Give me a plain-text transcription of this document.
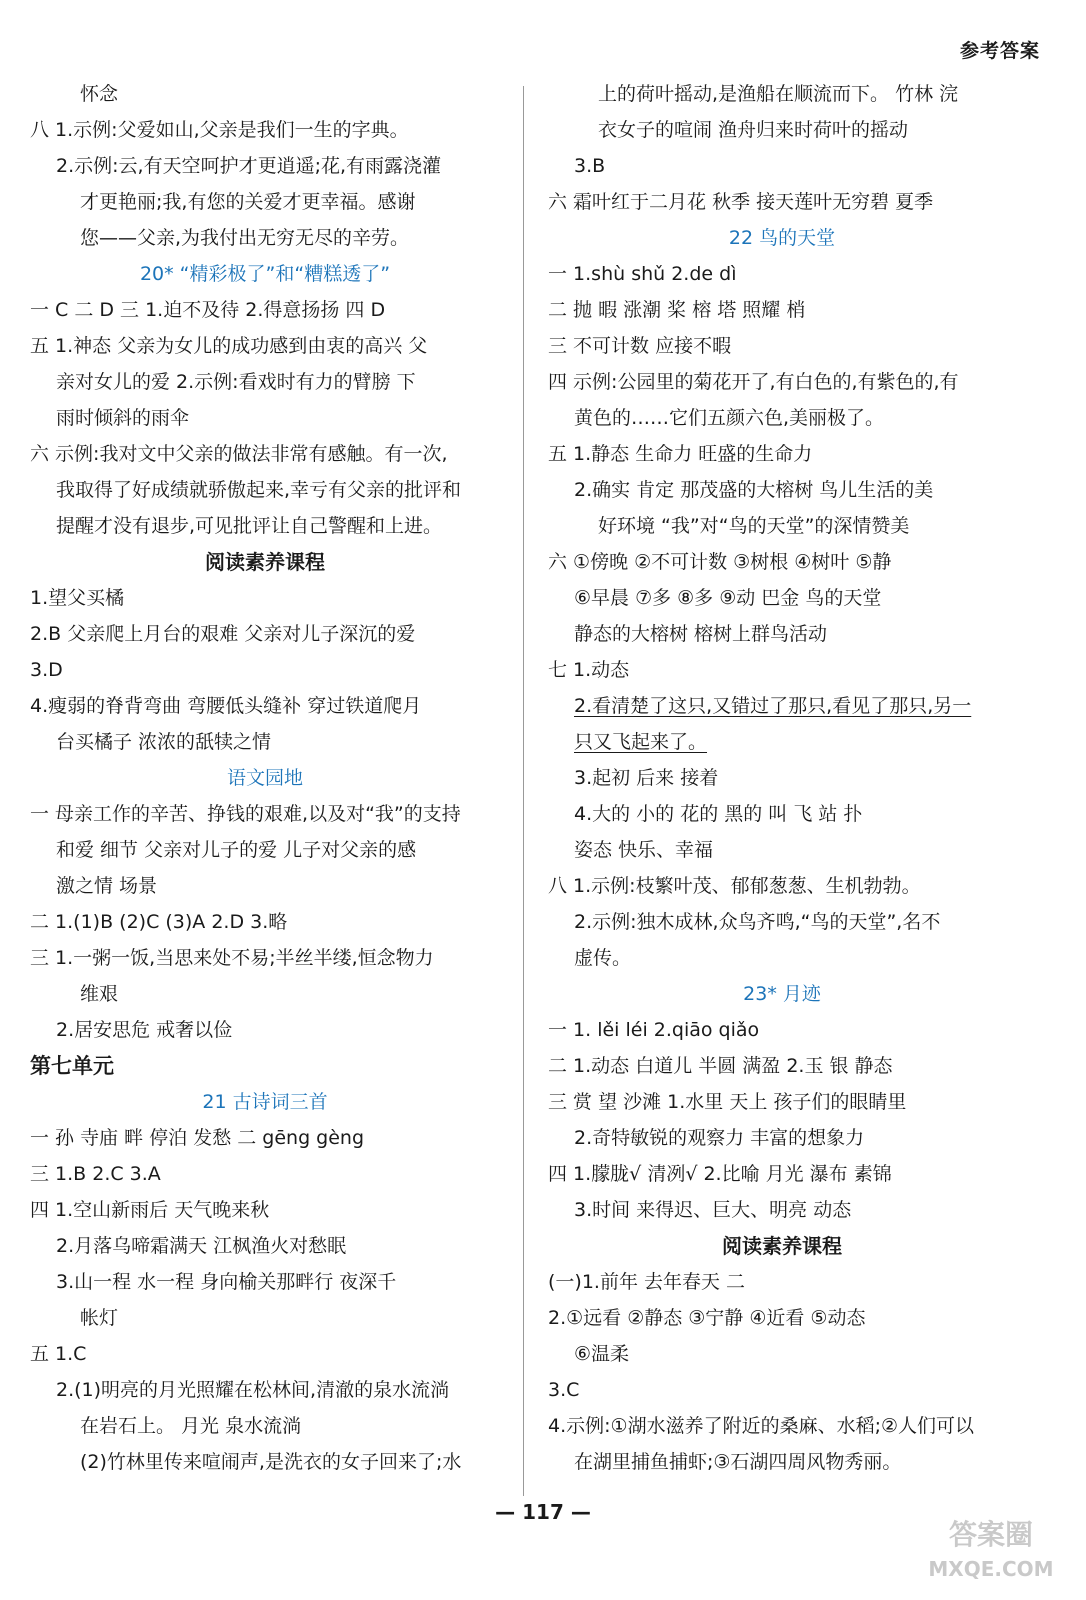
参考答案
怀念
八 1.示例:父爱如山,父亲是我们一生的字典。
2.示例:云,有天空呵护才更逍遥;花,有雨露浇灌
才更艳丽;我,有您的关爱才更幸福。感谢
您——父亲,为我付出无穷无尽的辛劳。
20* “精彩极了”和“糟糕透了”
一 C 二 D 三 1.迫不及待 2.得意扬扬 四 D
五 1.神态 父亲为女儿的成功感到由衷的高兴 父
亲对女儿的爱 2.示例:看戏时有力的臂膀 下
雨时倾斜的雨伞
六 示例:我对文中父亲的做法非常有感触。有一次,
我取得了好成绩就骄傲起来,幸亏有父亲的批评和
提醒才没有退步,可见批评让自己警醒和上进。
阅读素养课程
1.望父买橘
2.B 父亲爬上月台的艰难 父亲对儿子深沉的爱
3.D
4.瘦弱的脊背弯曲 弯腰低头缝补 穿过铁道爬月
台买橘子 浓浓的舐犊之情
语文园地
一 母亲工作的辛苦、挣钱的艰难,以及对“我”的支持
和爱 细节 父亲对儿子的爱 儿子对父亲的感
激之情 场景
二 1.(1)B (2)C (3)A 2.D 3.略
三 1.一粥一饭,当思来处不易;半丝半缕,恒念物力
维艰
2.居安思危 戒奢以俭
第七单元
21 古诗词三首
一 孙 寺庙 畔 停泊 发愁 二 gēng gèng
三 1.B 2.C 3.A
四 1.空山新雨后 天气晚来秋
2.月落乌啼霜满天 江枫渔火对愁眠
3.山一程 水一程 身向榆关那畔行 夜深千
帐灯
五 1.C
2.(1)明亮的月光照耀在松林间,清澈的泉水流淌
在岩石上。 月光 泉水流淌
(2)竹林里传来喧闹声,是洗衣的女子回来了;水
上的荷叶摇动,是渔船在顺流而下。 竹林 浣
衣女子的喧闹 渔舟归来时荷叶的摇动
3.B
六 霜叶红于二月花 秋季 接天莲叶无穷碧 夏季
22 鸟的天堂
一 1.shù shǔ 2.de dì
二 抛 暇 涨潮 桨 榕 塔 照耀 梢
三 不可计数 应接不暇
四 示例:公园里的菊花开了,有白色的,有紫色的,有
黄色的……它们五颜六色,美丽极了。
五 1.静态 生命力 旺盛的生命力
2.确实 肯定 那茂盛的大榕树 鸟儿生活的美
好环境 “我”对“鸟的天堂”的深情赞美
六 ①傍晚 ②不可计数 ③树根 ④树叶 ⑤静
⑥早晨 ⑦多 ⑧多 ⑨动 巴金 鸟的天堂
静态的大榕树 榕树上群鸟活动
七 1.动态
2.看清楚了这只,又错过了那只,看见了那只,另一
只又飞起来了。
3.起初 后来 接着
4.大的 小的 花的 黑的 叫 飞 站 扑
姿态 快乐、幸福
八 1.示例:枝繁叶茂、郁郁葱葱、生机勃勃。
2.示例:独木成林,众鸟齐鸣,“鸟的天堂”,名不
虚传。
23* 月迹
一 1. lěi léi 2.qiāo qiǎo
二 1.动态 白道儿 半圆 满盈 2.玉 银 静态
三 赏 望 沙滩 1.水里 天上 孩子们的眼睛里
2.奇特敏锐的观察力 丰富的想象力
四 1.朦胧√ 清冽√ 2.比喻 月光 瀑布 素锦
3.时间 来得迟、巨大、明亮 动态
阅读素养课程
(一)1.前年 去年春天 二
2.①远看 ②静态 ③宁静 ④近看 ⑤动态
⑥温柔
3.C
4.示例:①湖水滋养了附近的桑麻、水稻;②人们可以
在湖里捕鱼捕虾;③石湖四周风物秀丽。
— 117 —
答案圈
MXQE.COM
